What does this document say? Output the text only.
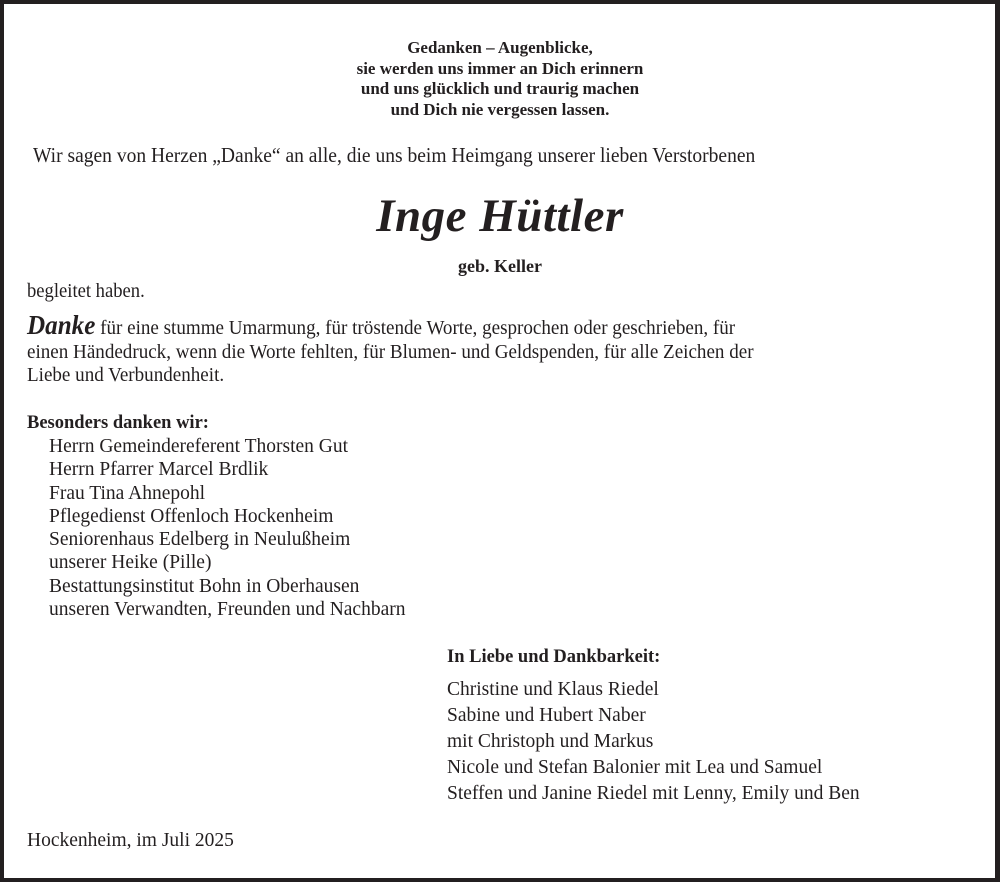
Gedanken – Augenblicke,
sie werden uns immer an Dich erinnern
und uns glücklich und traurig machen
und Dich nie vergessen lassen.
Wir sagen von Herzen „Danke“ an alle, die uns beim Heimgang unserer lieben Verstorbenen
Inge Hüttler
geb. Keller
begleitet haben.
Danke für eine stumme Umarmung, für tröstende Worte, gesprochen oder geschrieben, für
einen Händedruck, wenn die Worte fehlten, für Blumen- und Geldspenden, für alle Zeichen der
Liebe und Verbundenheit.
Besonders danken wir:
Herrn Gemeindereferent Thorsten Gut
Herrn Pfarrer Marcel Brdlik
Frau Tina Ahnepohl
Pflegedienst Offenloch Hockenheim
Seniorenhaus Edelberg in Neulußheim
unserer Heike (Pille)
Bestattungsinstitut Bohn in Oberhausen
unseren Verwandten, Freunden und Nachbarn
In Liebe und Dankbarkeit:
Christine und Klaus Riedel
Sabine und Hubert Naber
mit Christoph und Markus
Nicole und Stefan Balonier mit Lea und Samuel
Steffen und Janine Riedel mit Lenny, Emily und Ben
Hockenheim, im Juli 2025
